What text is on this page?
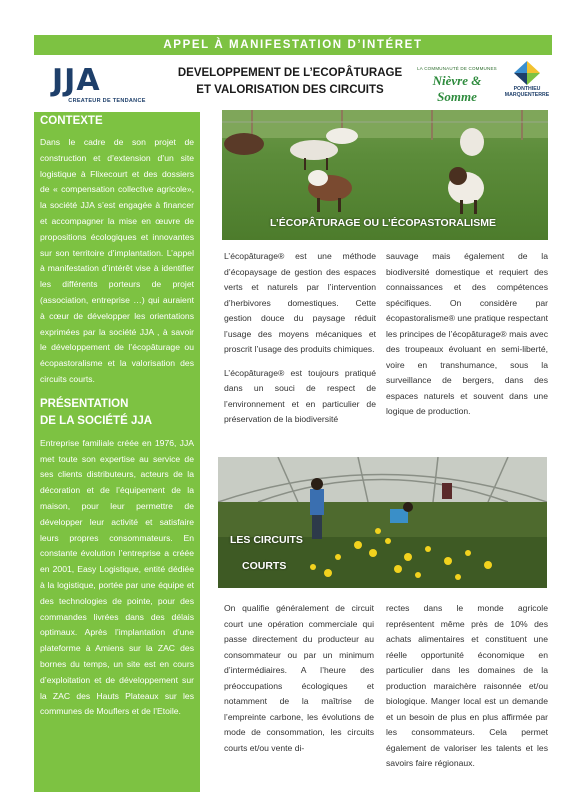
APPEL À MANIFESTATION D’INTÉRET
JJA
CREATEUR DE TENDANCE
DEVELOPPEMENT DE L’ECOPÂTURAGE
ET VALORISATION DES CIRCUITS
LA COMMUNAUTÉ DE COMMUNES
Nièvre & Somme	PONTHIEU
MARQUENTERRE
CONTEXTE

Dans le cadre de son projet de construction et d’extension d’un site logistique à Flixecourt et des dossiers de « compensation collective agricole», la société JJA s’est engagée à financer et accompagner la mise en œuvre de propositions écologiques et innovantes sur son territoire d’implantation. L’appel à manifestation d’intérêt vise à identifier les différents porteurs de projet (association, entreprise …) qui auraient à cœur de développer les orientations exprimées par la société JJA , à savoir le développement de l’écopâturage ou écopastoralisme et la valorisation des circuits courts.

PRÉSENTATION
DE LA SOCIÉTÉ JJA

Entreprise familiale créée en 1976, JJA met toute son expertise au service de ses clients distributeurs, acteurs de la décoration et de l’équipement de la maison, pour leur permettre de développer leur activité et satisfaire leurs propres consommateurs. En constante évolution l’entreprise a créée en 2001, Easy Logistique, entité dédiée à la logistique, portée par une équipe et des technologies de pointe, pour des commandes livrées dans des délais optimaux. Après l’implantation d’une plateforme à Amiens sur la ZAC des bornes du temps, un site est en cours d’exploitation et de développement sur la ZAC des Hauts Plateaux sur les communes de Mouflers et de l’Etoile.

L’ÉCOPÂTURAGE OU L’ÉCOPASTORALISME

L’écopâturage® est une méthode d’écopaysage de gestion des espaces verts et naturels par l’intervention d’herbivores domestiques. Cette gestion douce du paysage réduit l’usage des moyens mécaniques et proscrit l’usage des produits chimiques.

L’écopâturage® est toujours pratiqué dans un souci de respect de l’environnement et en particulier de préservation de la biodiversité

sauvage mais également de la biodiversité domestique et requiert des connaissances et des compétences spécifiques. On considère par écopastoralisme® une pratique respectant les principes de l’écopâturage® mais avec des troupeaux évoluant en semi-liberté, voire en transhumance, sous la surveillance de bergers, dans des espaces naturels et souvent dans une logique de production.

LES CIRCUITS
COURTS

On qualifie généralement de circuit court une opération commerciale qui passe directement du producteur au consommateur ou par un minimum d’intermédiaires. A l’heure des préoccupations écologiques et notamment de la maîtrise de l’empreinte carbone, les évolutions de mode de consommation, les circuits courts et/ou vente di-

rectes dans le monde agricole représentent même près de 10% des achats alimentaires et constituent une réelle opportunité économique en particulier dans les domaines de la production maraichère raisonnée et/ou biologique. Manger local est un demande et un besoin de plus en plus affirmée par les consommateurs. Cela permet également de valoriser les talents et les savoirs faire régionaux.
